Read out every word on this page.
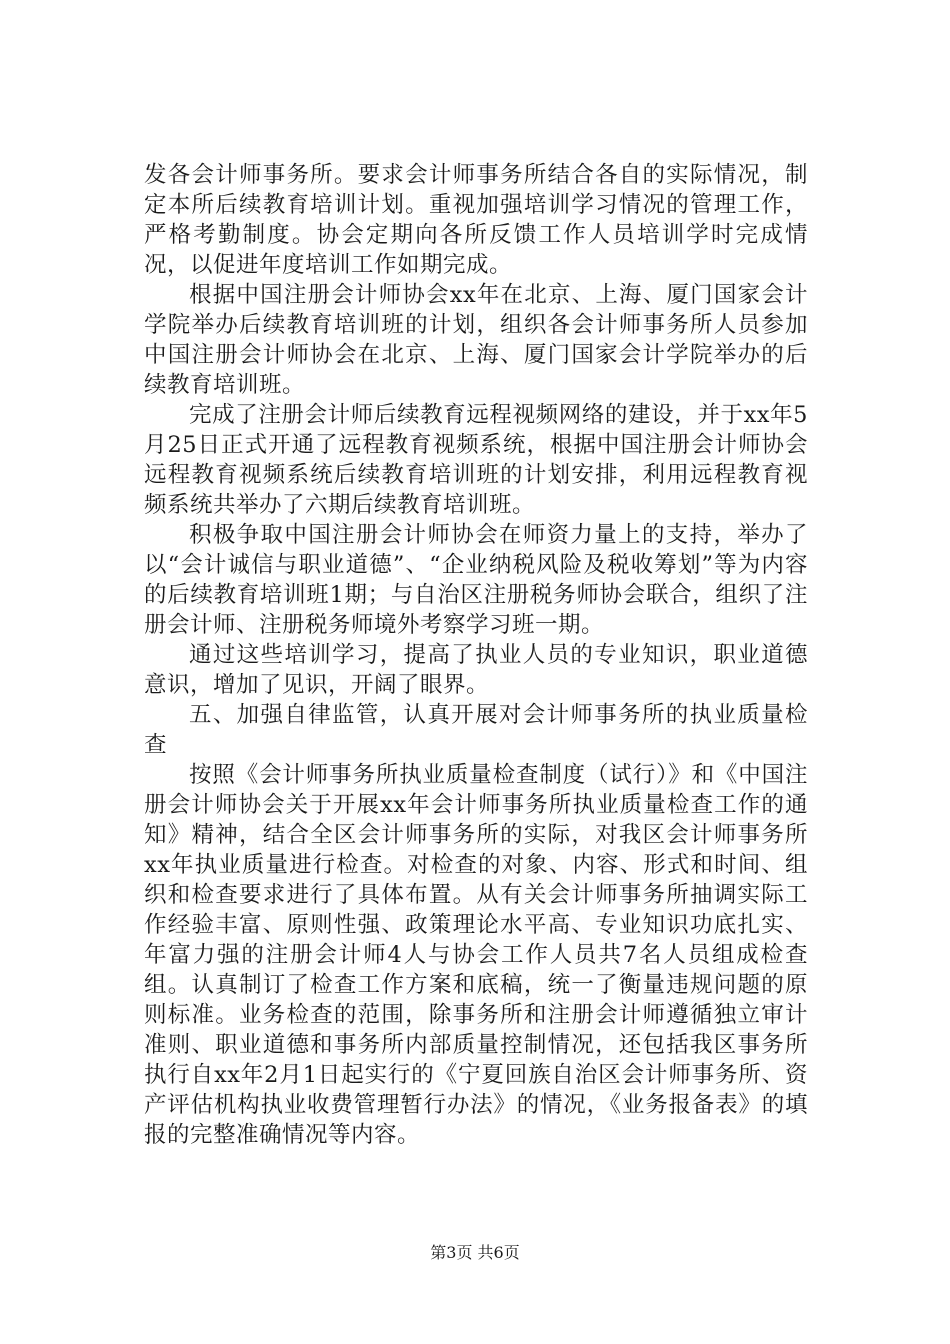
发各会计师事务所。要求会计师事务所结合各自的实际情况，制定本所后续教育培训计划。重视加强培训学习情况的管理工作，严格考勤制度。协会定期向各所反馈工作人员培训学时完成情况，以促进年度培训工作如期完成。

根据中国注册会计师协会xx年在北京、上海、厦门国家会计学院举办后续教育培训班的计划，组织各会计师事务所人员参加中国注册会计师协会在北京、上海、厦门国家会计学院举办的后续教育培训班。

完成了注册会计师后续教育远程视频网络的建设，并于xx年5月25日正式开通了远程教育视频系统，根据中国注册会计师协会远程教育视频系统后续教育培训班的计划安排，利用远程教育视频系统共举办了六期后续教育培训班。

积极争取中国注册会计师协会在师资力量上的支持，举办了以“会计诚信与职业道德”、“企业纳税风险及税收筹划”等为内容的后续教育培训班1期；与自治区注册税务师协会联合，组织了注册会计师、注册税务师境外考察学习班一期。

通过这些培训学习，提高了执业人员的专业知识，职业道德意识，增加了见识，开阔了眼界。

五、加强自律监管，认真开展对会计师事务所的执业质量检查

按照《会计师事务所执业质量检查制度（试行）》和《中国注册会计师协会关于开展xx年会计师事务所执业质量检查工作的通知》精神，结合全区会计师事务所的实际，对我区会计师事务所xx年执业质量进行检查。对检查的对象、内容、形式和时间、组织和检查要求进行了具体布置。从有关会计师事务所抽调实际工作经验丰富、原则性强、政策理论水平高、专业知识功底扎实、年富力强的注册会计师4人与协会工作人员共7名人员组成检查组。认真制订了检查工作方案和底稿，统一了衡量违规问题的原则标准。业务检查的范围，除事务所和注册会计师遵循独立审计准则、职业道德和事务所内部质量控制情况，还包括我区事务所执行自xx年2月1日起实行的《宁夏回族自治区会计师事务所、资产评估机构执业收费管理暂行办法》的情况，《业务报备表》的填报的完整准确情况等内容。

第3页 共6页
